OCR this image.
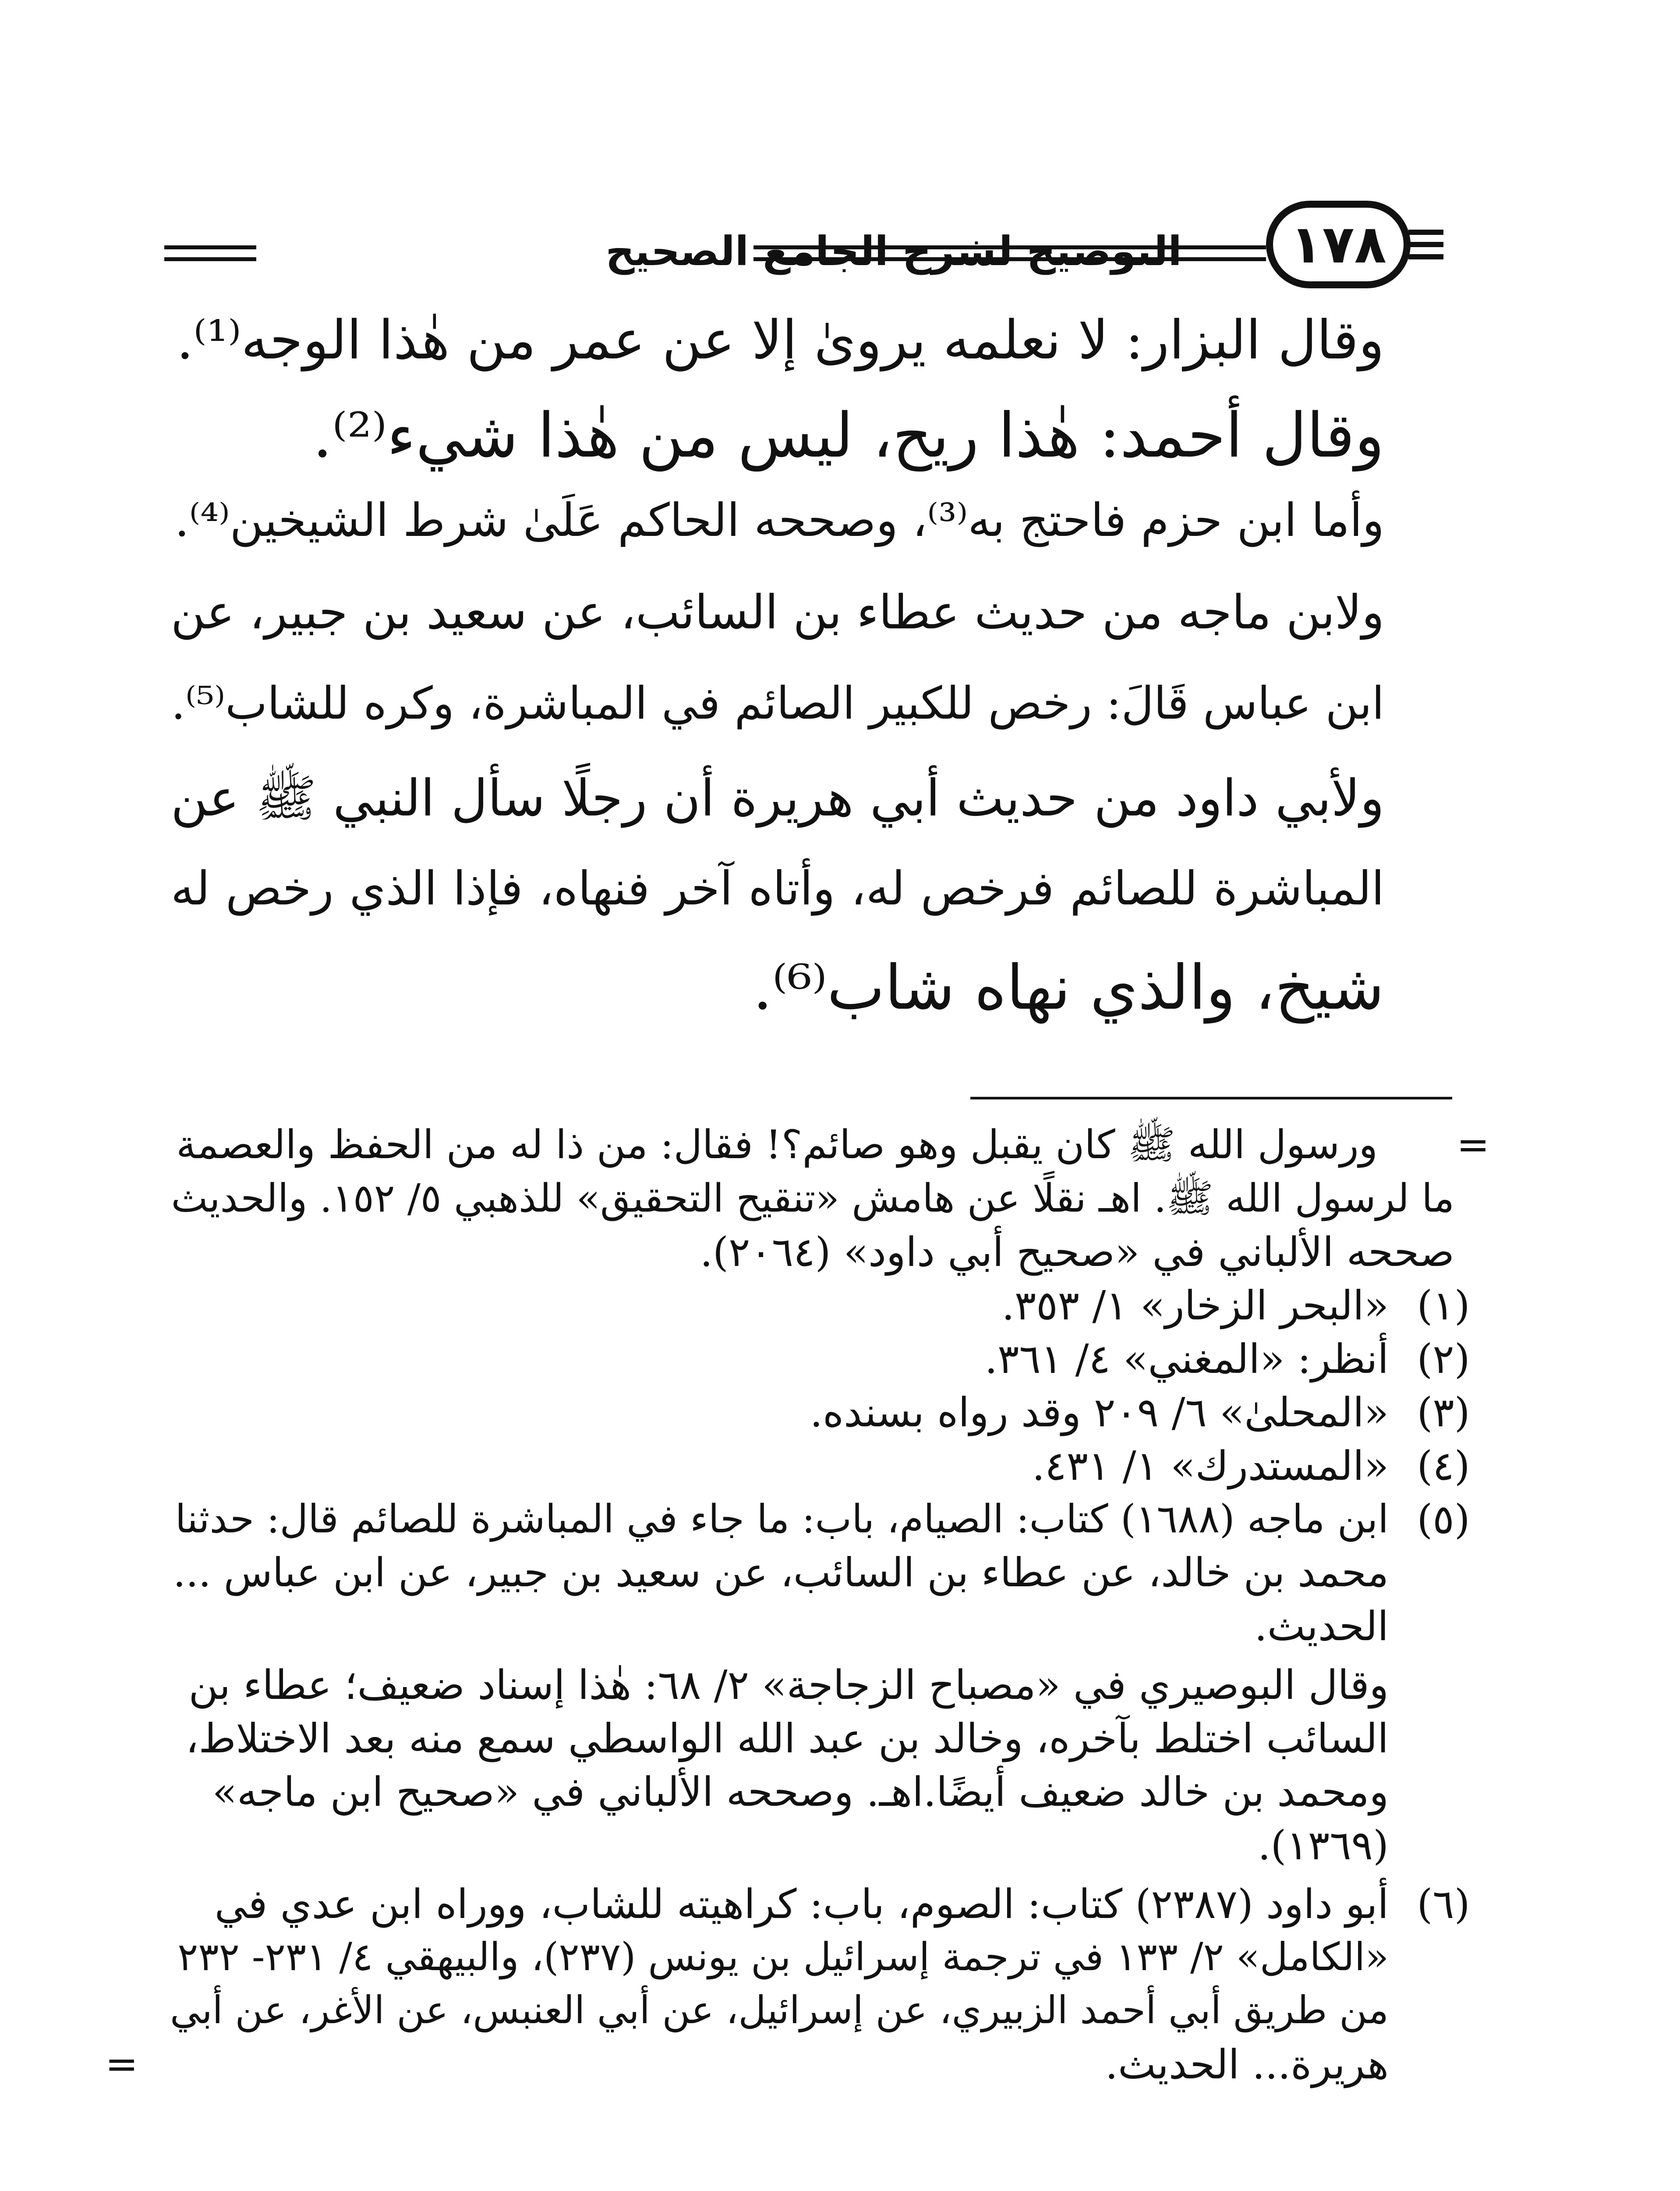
التوضيح لشرح الجامع الصحيح	١٧٨
وقال البزار: لا نعلمه يروىٰ إلا عن عمر من هٰذا الوجه⁽¹⁾.
وقال أحمد: هٰذا ريح، ليس من هٰذا شيء⁽²⁾.
وأما ابن حزم فاحتج به⁽³⁾، وصححه الحاكم عَلَىٰ شرط الشيخين⁽⁴⁾.
ولابن ماجه من حديث عطاء بن السائب، عن سعيد بن جبير، عن
ابن عباس قَالَ: رخص للكبير الصائم في المباشرة، وكره للشاب⁽⁵⁾.
ولأبي داود من حديث أبي هريرة أن رجلًا سأل النبي ﷺ عن
المباشرة للصائم فرخص له، وأتاه آخر فنهاه، فإذا الذي رخص له
شيخ، والذي نهاه شاب⁽⁶⁾.
=
ورسول الله ﷺ كان يقبل وهو صائم؟! فقال: من ذا له من الحفظ والعصمة
ما لرسول الله ﷺ. اهـ نقلًا عن هامش «تنقيح التحقيق» للذهبي ٥/ ١٥٢. والحديث
صححه الألباني في «صحيح أبي داود» (٢٠٦٤).
(١)
«البحر الزخار» ١/ ٣٥٣.
(٢)
أنظر: «المغني» ٤/ ٣٦١.
(٣)
«المحلىٰ» ٦/ ٢٠٩ وقد رواه بسنده.
(٤)
«المستدرك» ١/ ٤٣١.
(٥)
ابن ماجه (١٦٨٨) كتاب: الصيام، باب: ما جاء في المباشرة للصائم قال: حدثنا
محمد بن خالد، عن عطاء بن السائب، عن سعيد بن جبير، عن ابن عباس ...
الحديث.
وقال البوصيري في «مصباح الزجاجة» ٢/ ٦٨: هٰذا إسناد ضعيف؛ عطاء بن
السائب اختلط بآخره، وخالد بن عبد الله الواسطي سمع منه بعد الاختلاط،
ومحمد بن خالد ضعيف أيضًا.اهـ. وصححه الألباني في «صحيح ابن ماجه»
(١٣٦٩).
(٦)
أبو داود (٢٣٨٧) كتاب: الصوم، باب: كراهيته للشاب، ووراه ابن عدي في
«الكامل» ٢/ ١٣٣ في ترجمة إسرائيل بن يونس (٢٣٧)، والبيهقي ٤/ ٢٣١- ٢٣٢
من طريق أبي أحمد الزبيري، عن إسرائيل، عن أبي العنبس، عن الأغر، عن أبي
هريرة... الحديث.
=
